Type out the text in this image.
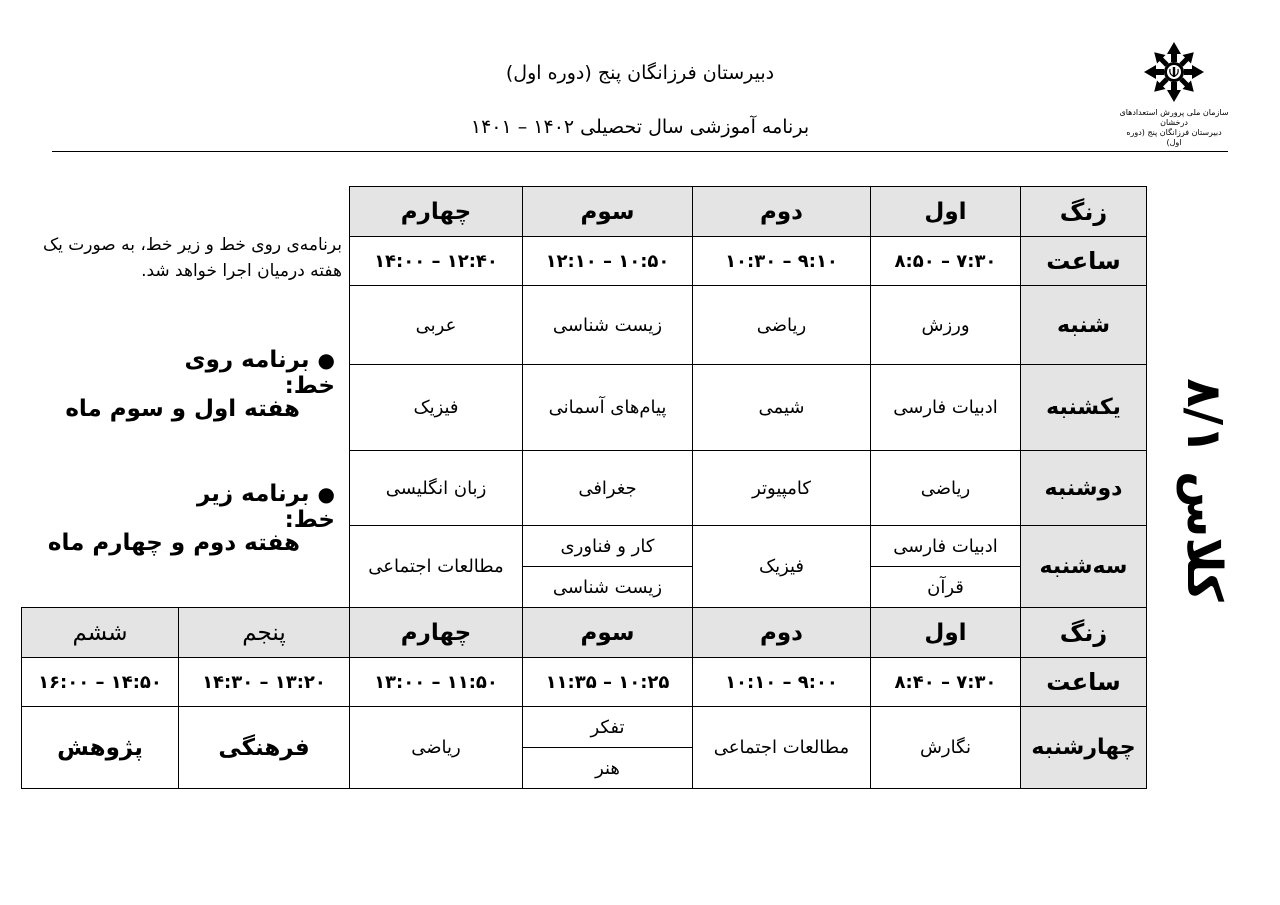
دبیرستان فرزانگان پنج (دوره اول)
برنامه آموزشی سال تحصیلی ۱۴۰۲ – ۱۴۰۱
سازمان ملی پرورش استعدادهای درخشان
دبیرستان فرزانگان پنج (دوره اول)
زنگ	اول	دوم	سوم	چهارم
ساعت	۷:۳۰ – ۸:۵۰	۹:۱۰ – ۱۰:۳۰	۱۰:۵۰ – ۱۲:۱۰	۱۲:۴۰ – ۱۴:۰۰
شنبه	ورزش	ریاضی	زیست شناسی	عربی
یکشنبه	ادبیات فارسی	شیمی	پیام‌های آسمانی	فیزیک
دوشنبه	ریاضی	کامپیوتر	جغرافی	زبان انگلیسی
سه‌شنبه	ادبیات فارسی	فیزیک	کار و فناوری	مطالعات اجتماعی
	قرآن		زیست شناسی	
زنگ	اول	دوم	سوم	چهارم	پنجم	ششم
ساعت	۷:۳۰ – ۸:۴۰	۹:۰۰ – ۱۰:۱۰	۱۰:۲۵ – ۱۱:۳۵	۱۱:۵۰ – ۱۳:۰۰	۱۳:۲۰ – ۱۴:۳۰	۱۴:۵۰ – ۱۶:۰۰
چهارشنبه	نگارش	مطالعات اجتماعی	تفکر	ریاضی	فرهنگی	پژوهش
			هنر			
برنامه‌ی روی خط و زیر خط، به صورت یک هفته درمیان اجرا خواهد شد.
●برنامه روی خط:
هفته اول و سوم ماه
●برنامه زیر خط:
هفته دوم و چهارم ماه
کلاس ۸/۱
